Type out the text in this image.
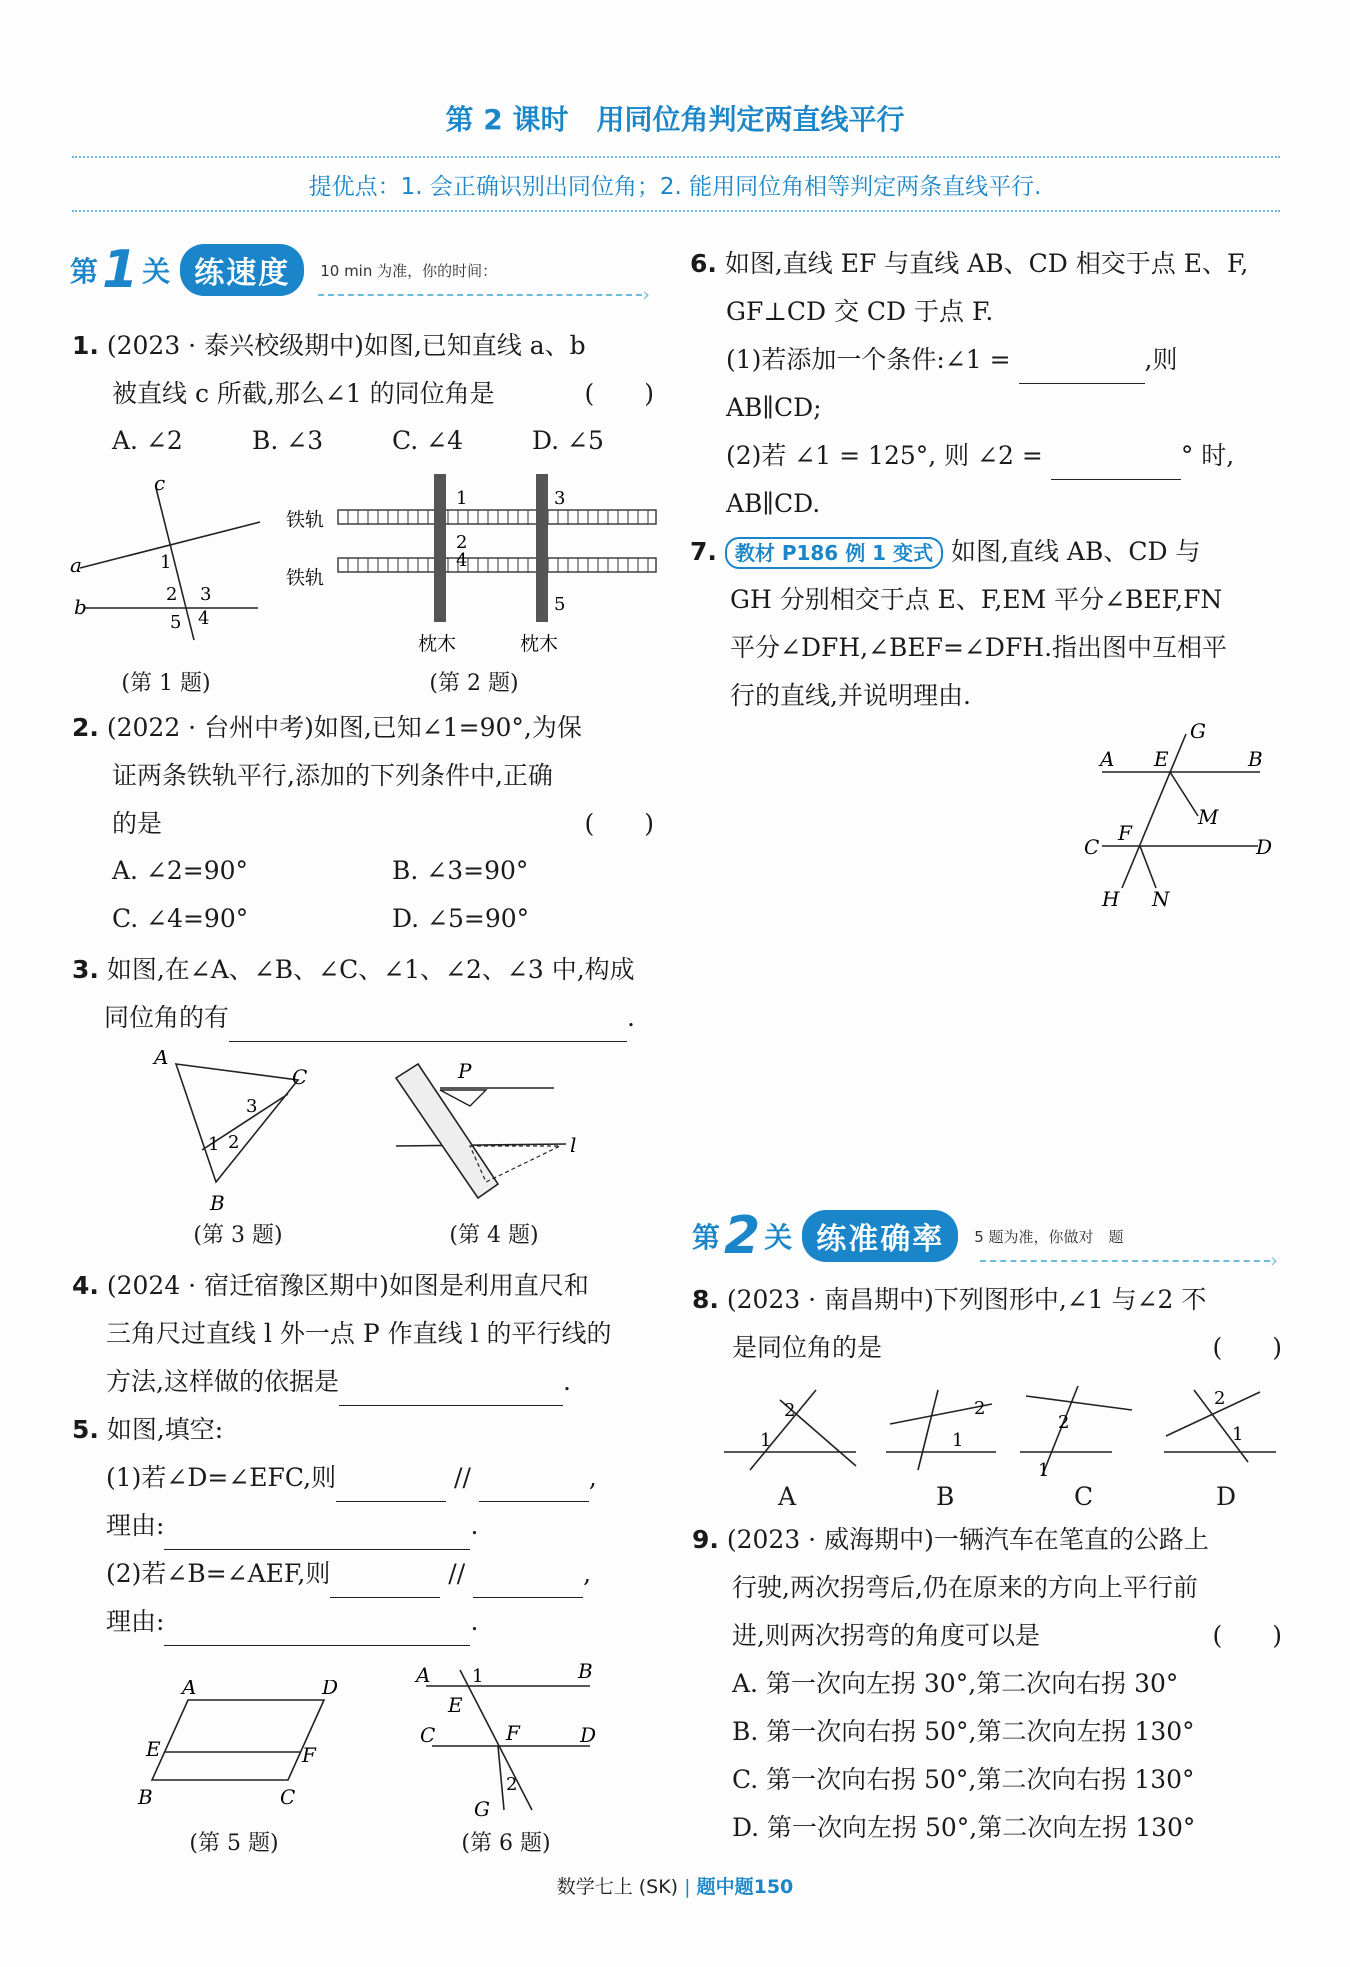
第 2 课时　用同位角判定两直线平行
提优点：1. 会正确识别出同位角；2. 能用同位角相等判定两条直线平行.
第 1 关 练速度	10 min 为准，你的时间：
›
1. (2023 · 泰兴校级期中)如图,已知直线 a、b
被直线 c 所截,那么∠1 的同位角是	(　　)
A. ∠2	B. ∠3	C. ∠4	D. ∠5
c
a
b
1
2 3
5 4
(第 1 题)
铁轨
铁轨
枕木	枕木
1
2
4
3
5
(第 2 题)
2. (2022 · 台州中考)如图,已知∠1=90°,为保
证两条铁轨平行,添加的下列条件中,正确
的是	(　　)
A. ∠2=90°	B. ∠3=90°
C. ∠4=90°	D. ∠5=90°
3. 如图,在∠A、∠B、∠C、∠1、∠2、∠3 中,构成
同位角的有	.
A
C
B
1 2
3
(第 3 题)
P
l
(第 4 题)
4. (2024 · 宿迁宿豫区期中)如图是利用直尺和
三角尺过直线 l 外一点 P 作直线 l 的平行线的
方法,这样做的依据是	.
5. 如图,填空:
(1)若∠D=∠EFC,则	//	,
理由:	.
(2)若∠B=∠AEF,则	//	,
理由:	.
A	D
E	F
B	C
(第 5 题)
A	B
E
C	F	D
G
1
2
(第 6 题)
6. 如图,直线 EF 与直线 AB、CD 相交于点 E、F,
GF⊥CD 交 CD 于点 F.
(1)若添加一个条件:∠1 =	,则
AB∥CD;
(2)若 ∠1 = 125°, 则 ∠2 =	° 时,
AB∥CD.
7. 教材 P186 例 1 变式 如图,直线 AB、CD 与
GH 分别相交于点 E、F,EM 平分∠BEF,FN
平分∠DFH,∠BEF=∠DFH.指出图中互相平
行的直线,并说明理由.
A E
G
B
M
C
F
D
H N
第 2 关 练准确率	5 题为准，你做对　题
›
8. (2023 · 南昌期中)下列图形中,∠1 与∠2 不
是同位角的是	(　　)
1
2
1
2
1
2
2
1
A	B	C	D
9. (2023 · 威海期中)一辆汽车在笔直的公路上
行驶,两次拐弯后,仍在原来的方向上平行前
进,则两次拐弯的角度可以是	(　　)
A. 第一次向左拐 30°,第二次向右拐 30°
B. 第一次向右拐 50°,第二次向左拐 130°
C. 第一次向右拐 50°,第二次向右拐 130°
D. 第一次向左拐 50°,第二次向左拐 130°
数学七上 (SK) | 题中题150
